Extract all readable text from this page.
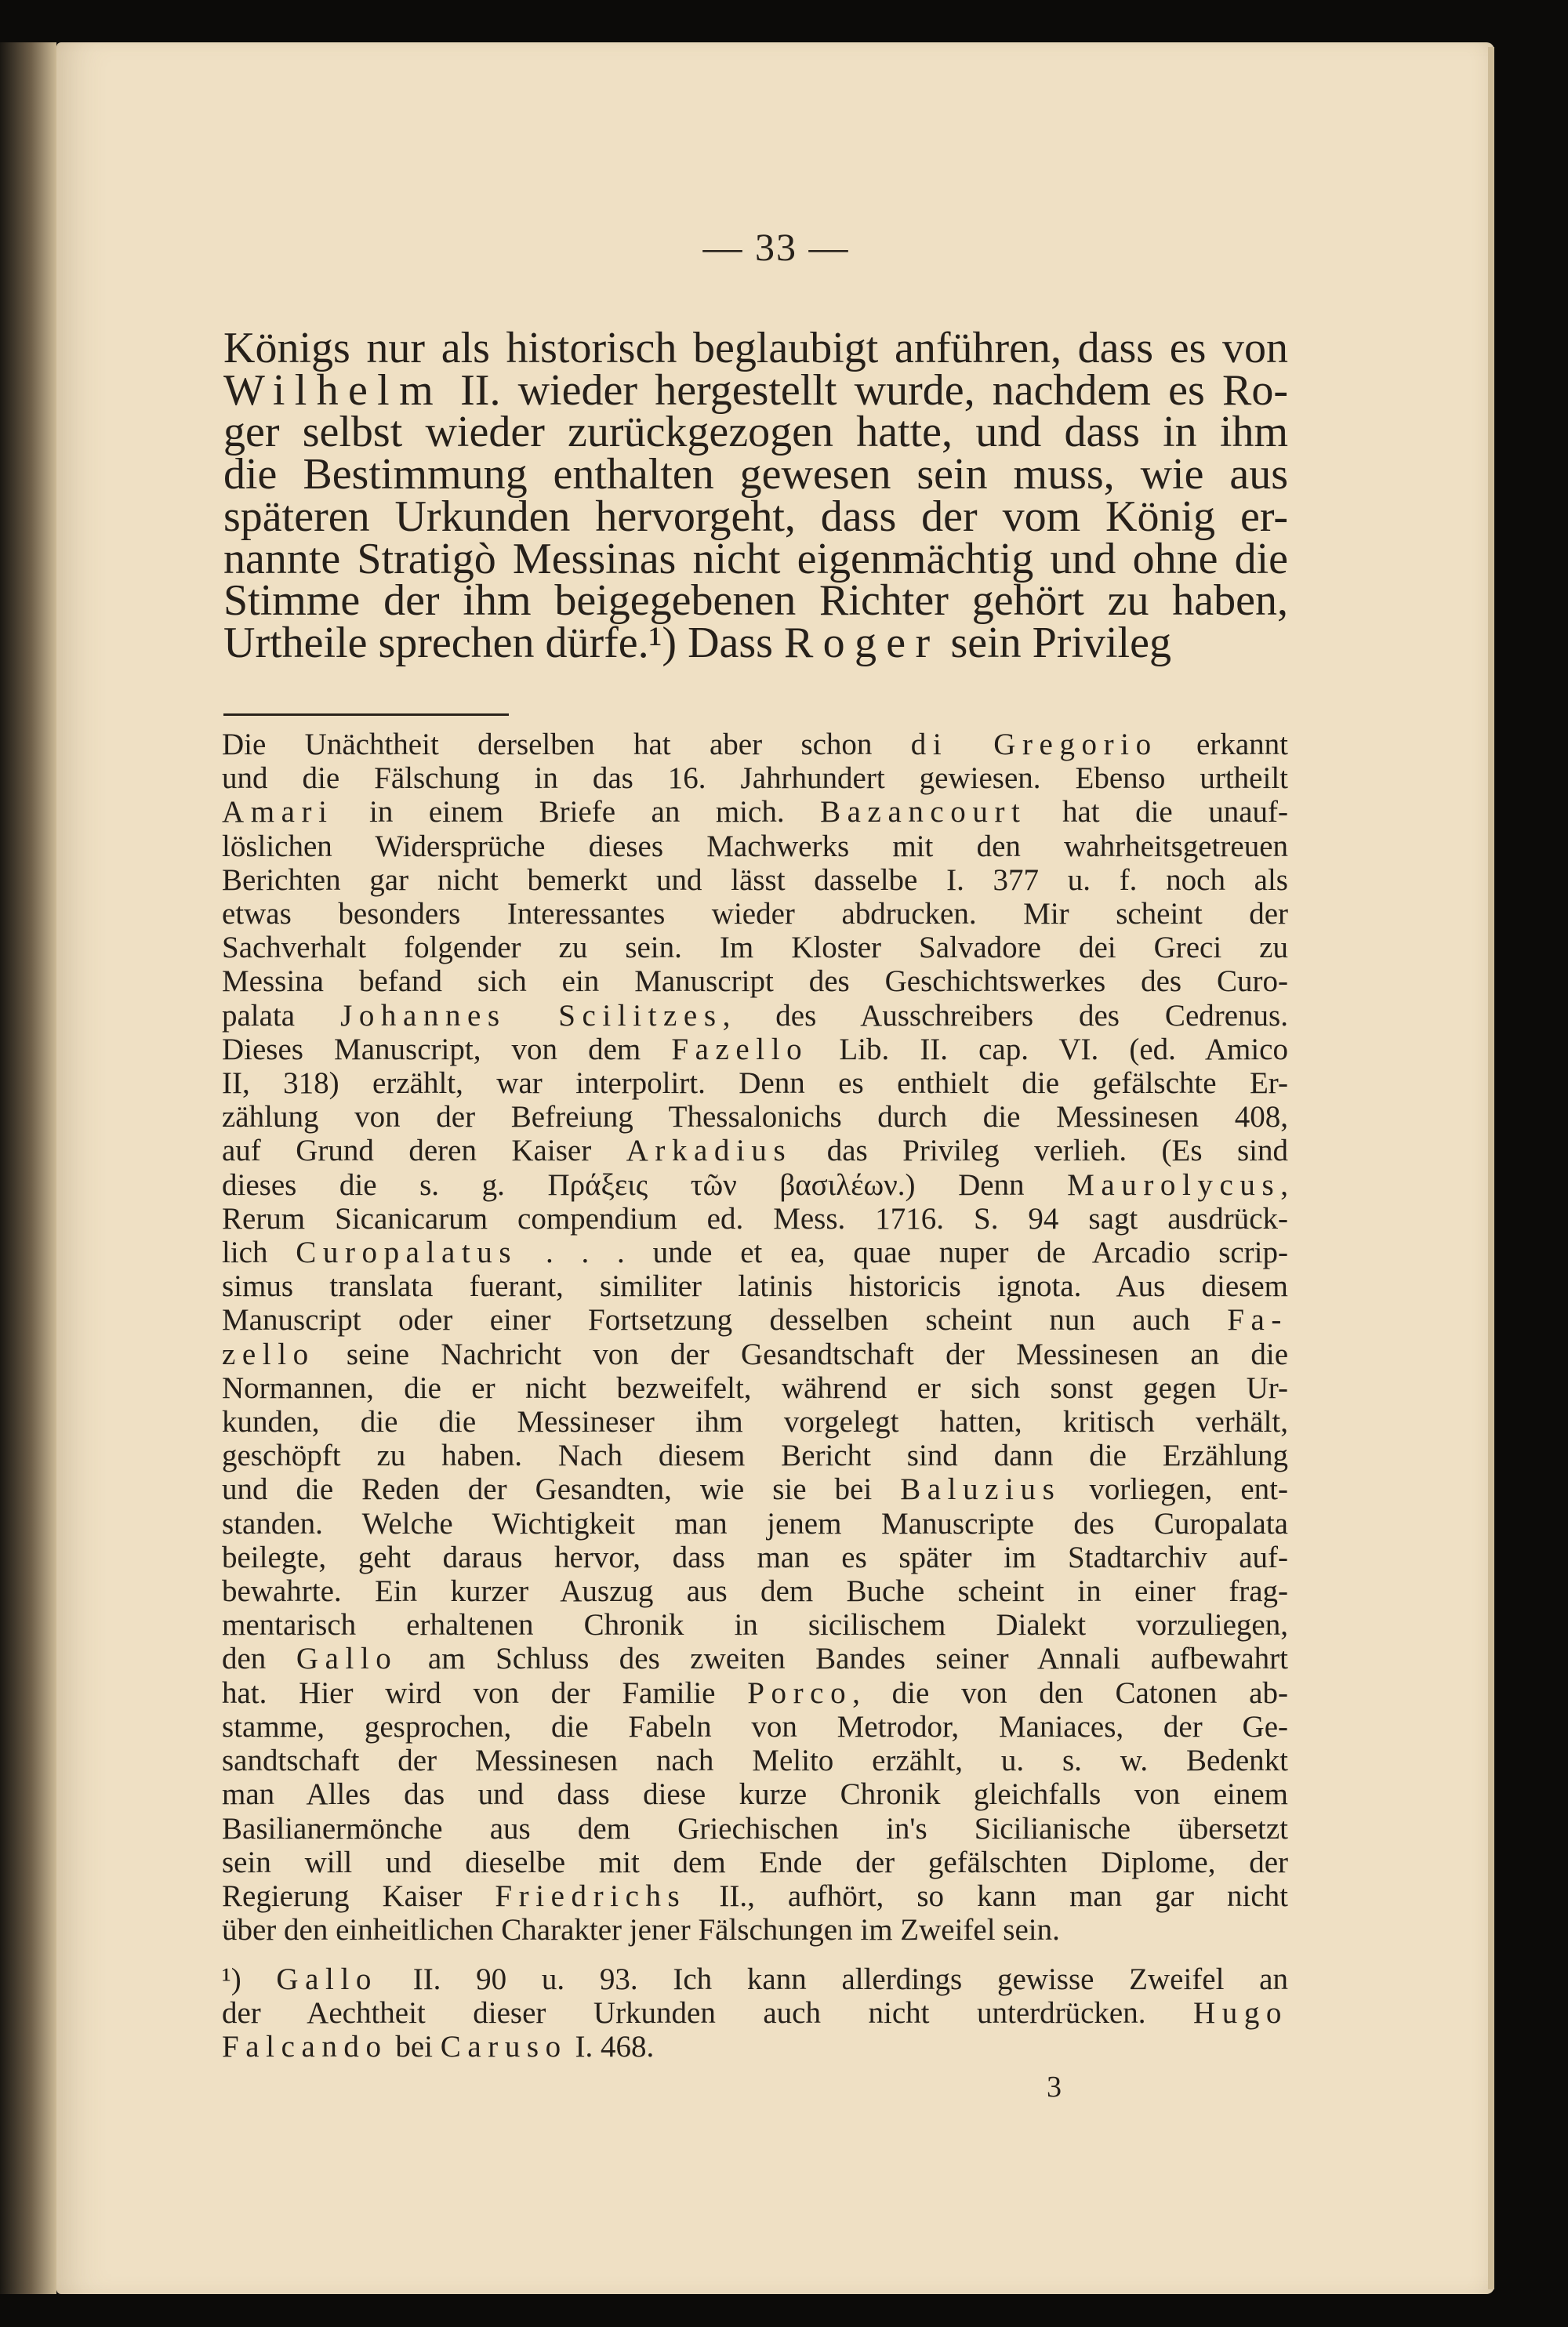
— 33 —
Königs nur als historisch beglaubigt anführen, dass es von
Wilhelm II. wieder hergestellt wurde, nachdem es Ro-
ger selbst wieder zurückgezogen hatte, und dass in ihm
die Bestimmung enthalten gewesen sein muss, wie aus
späteren Urkunden hervorgeht, dass der vom König er-
nannte Stratigò Messinas nicht eigenmächtig und ohne die
Stimme der ihm beigegebenen Richter gehört zu haben,
Urtheile sprechen dürfe.¹) Dass Roger sein Privileg
Die Unächtheit derselben hat aber schon di Gregorio erkannt
und die Fälschung in das 16. Jahrhundert gewiesen. Ebenso urtheilt
Amari in einem Briefe an mich. Bazancourt hat die unauf-
löslichen Widersprüche dieses Machwerks mit den wahrheitsgetreuen
Berichten gar nicht bemerkt und lässt dasselbe I. 377 u. f. noch als
etwas besonders Interessantes wieder abdrucken. Mir scheint der
Sachverhalt folgender zu sein. Im Kloster Salvadore dei Greci zu
Messina befand sich ein Manuscript des Geschichtswerkes des Curo-
palata Johannes Scilitzes, des Ausschreibers des Cedrenus.
Dieses Manuscript, von dem Fazello Lib. II. cap. VI. (ed. Amico
II, 318) erzählt, war interpolirt. Denn es enthielt die gefälschte Er-
zählung von der Befreiung Thessalonichs durch die Messinesen 408,
auf Grund deren Kaiser Arkadius das Privileg verlieh. (Es sind
dieses die s. g. Πράξεις τῶν βασιλέων.) Denn Maurolycus,
Rerum Sicanicarum compendium ed. Mess. 1716. S. 94 sagt ausdrück-
lich Curopalatus . . . unde et ea, quae nuper de Arcadio scrip-
simus translata fuerant, similiter latinis historicis ignota. Aus diesem
Manuscript oder einer Fortsetzung desselben scheint nun auch Fa-
zello seine Nachricht von der Gesandtschaft der Messinesen an die
Normannen, die er nicht bezweifelt, während er sich sonst gegen Ur-
kunden, die die Messineser ihm vorgelegt hatten, kritisch verhält,
geschöpft zu haben. Nach diesem Bericht sind dann die Erzählung
und die Reden der Gesandten, wie sie bei Baluzius vorliegen, ent-
standen. Welche Wichtigkeit man jenem Manuscripte des Curopalata
beilegte, geht daraus hervor, dass man es später im Stadtarchiv auf-
bewahrte. Ein kurzer Auszug aus dem Buche scheint in einer frag-
mentarisch erhaltenen Chronik in sicilischem Dialekt vorzuliegen,
den Gallo am Schluss des zweiten Bandes seiner Annali aufbewahrt
hat. Hier wird von der Familie Porco, die von den Catonen ab-
stamme, gesprochen, die Fabeln von Metrodor, Maniaces, der Ge-
sandtschaft der Messinesen nach Melito erzählt, u. s. w. Bedenkt
man Alles das und dass diese kurze Chronik gleichfalls von einem
Basilianermönche aus dem Griechischen in's Sicilianische übersetzt
sein will und dieselbe mit dem Ende der gefälschten Diplome, der
Regierung Kaiser Friedrichs II., aufhört, so kann man gar nicht
über den einheitlichen Charakter jener Fälschungen im Zweifel sein.
¹) Gallo II. 90 u. 93. Ich kann allerdings gewisse Zweifel an
der Aechtheit dieser Urkunden auch nicht unterdrücken. Hugo
Falcando bei Caruso I. 468.
3
